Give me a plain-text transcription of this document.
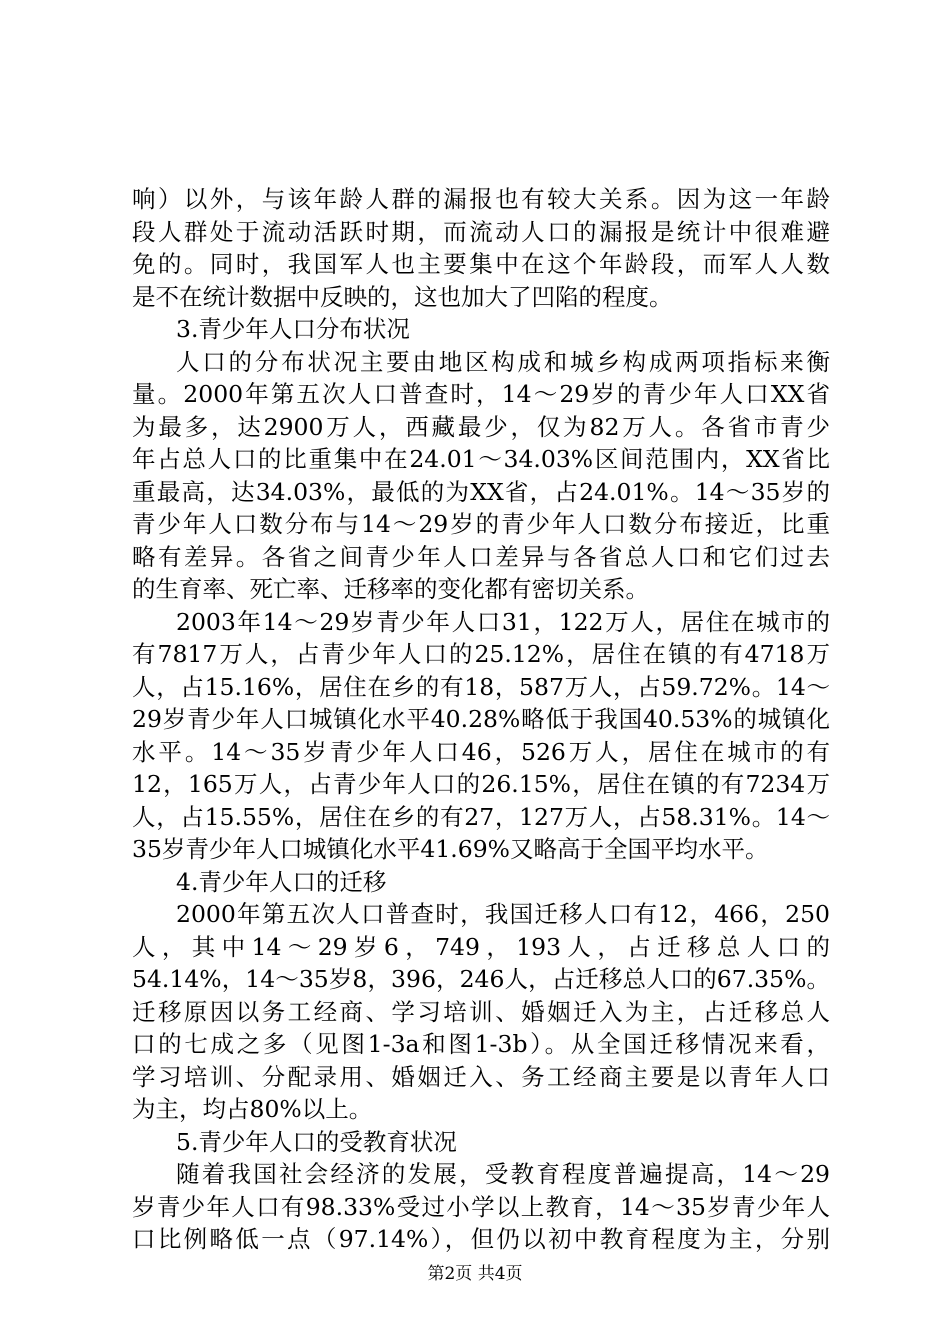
响）以外，与该年龄人群的漏报也有较大关系。因为这一年龄
段人群处于流动活跃时期，而流动人口的漏报是统计中很难避
免的。同时，我国军人也主要集中在这个年龄段，而军人人数
是不在统计数据中反映的，这也加大了凹陷的程度。
3.青少年人口分布状况
人口的分布状况主要由地区构成和城乡构成两项指标来衡
量。2000年第五次人口普查时，14～29岁的青少年人口XX省
为最多，达2900万人，西藏最少，仅为82万人。各省市青少
年占总人口的比重集中在24.01～34.03%区间范围内，XX省比
重最高，达34.03%，最低的为XX省，占24.01%。14～35岁的
青少年人口数分布与14～29岁的青少年人口数分布接近，比重
略有差异。各省之间青少年人口差异与各省总人口和它们过去
的生育率、死亡率、迁移率的变化都有密切关系。
2003年14～29岁青少年人口31，122万人，居住在城市的
有7817万人，占青少年人口的25.12%，居住在镇的有4718万
人，占15.16%，居住在乡的有18，587万人，占59.72%。14～
29岁青少年人口城镇化水平40.28%略低于我国40.53%的城镇化
水平。14～35岁青少年人口46，526万人，居住在城市的有
12，165万人，占青少年人口的26.15%，居住在镇的有7234万
人，占15.55%，居住在乡的有27，127万人，占58.31%。14～
35岁青少年人口城镇化水平41.69%又略高于全国平均水平。
4.青少年人口的迁移
2000年第五次人口普查时，我国迁移人口有12，466，250
人，其中14～29岁6，749，193人，占迁移总人口的
54.14%，14～35岁8，396，246人，占迁移总人口的67.35%。
迁移原因以务工经商、学习培训、婚姻迁入为主，占迁移总人
口的七成之多（见图1-3a和图1-3b）。从全国迁移情况来看，
学习培训、分配录用、婚姻迁入、务工经商主要是以青年人口
为主，均占80%以上。
5.青少年人口的受教育状况
随着我国社会经济的发展，受教育程度普遍提高，14～29
岁青少年人口有98.33%受过小学以上教育，14～35岁青少年人
口比例略低一点（97.14%），但仍以初中教育程度为主，分别
第2页 共4页
